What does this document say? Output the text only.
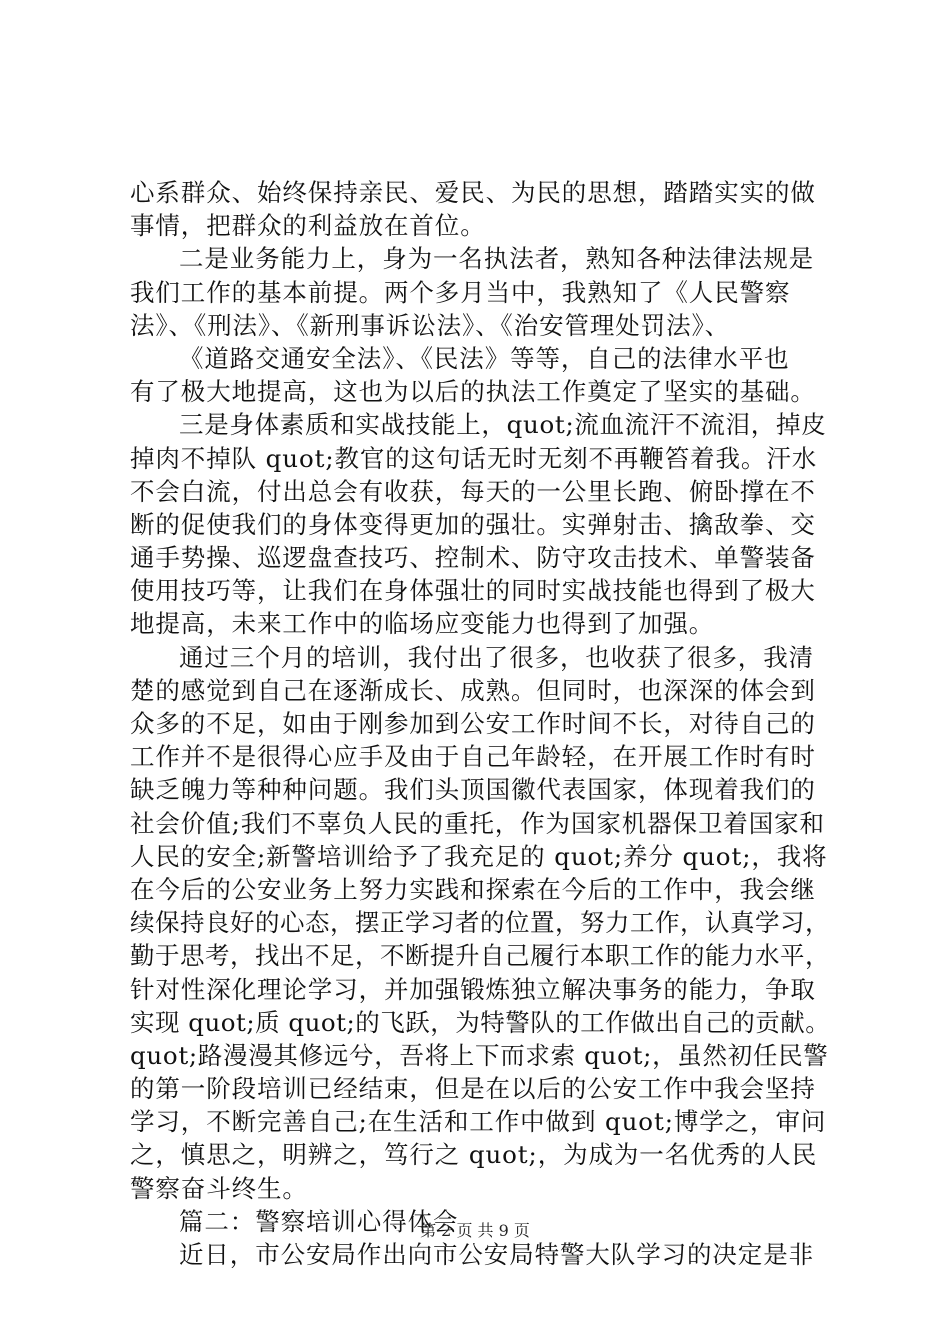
心系群众、始终保持亲民、爱民、为民的思想，踏踏实实的做
事情，把群众的利益放在首位。
二是业务能力上，身为一名执法者，熟知各种法律法规是
我们工作的基本前提。两个多月当中，我熟知了《人民警察
法》、《刑法》、《新刑事诉讼法》、《治安管理处罚法》、
《道路交通安全法》、《民法》等等，自己的法律水平也
有了极大地提高，这也为以后的执法工作奠定了坚实的基础。
三是身体素质和实战技能上，quot;流血流汗不流泪，掉皮
掉肉不掉队 quot;教官的这句话无时无刻不再鞭笞着我。汗水
不会白流，付出总会有收获，每天的一公里长跑、俯卧撑在不
断的促使我们的身体变得更加的强壮。实弹射击、擒敌拳、交
通手势操、巡逻盘查技巧、控制术、防守攻击技术、单警装备
使用技巧等，让我们在身体强壮的同时实战技能也得到了极大
地提高，未来工作中的临场应变能力也得到了加强。
通过三个月的培训，我付出了很多，也收获了很多，我清
楚的感觉到自己在逐渐成长、成熟。但同时，也深深的体会到
众多的不足，如由于刚参加到公安工作时间不长，对待自己的
工作并不是很得心应手及由于自己年龄轻，在开展工作时有时
缺乏魄力等种种问题。我们头顶国徽代表国家，体现着我们的
社会价值;我们不辜负人民的重托，作为国家机器保卫着国家和
人民的安全;新警培训给予了我充足的 quot;养分 quot;，我将
在今后的公安业务上努力实践和探索在今后的工作中，我会继
续保持良好的心态，摆正学习者的位置，努力工作，认真学习，
勤于思考，找出不足，不断提升自己履行本职工作的能力水平，
针对性深化理论学习，并加强锻炼独立解决事务的能力，争取
实现 quot;质 quot;的飞跃，为特警队的工作做出自己的贡献。
quot;路漫漫其修远兮，吾将上下而求索 quot;，虽然初任民警
的第一阶段培训已经结束，但是在以后的公安工作中我会坚持
学习，不断完善自己;在生活和工作中做到 quot;博学之，审问
之，慎思之，明辨之，笃行之 quot;，为成为一名优秀的人民
警察奋斗终生。
篇二：警察培训心得体会
近日，市公安局作出向市公安局特警大队学习的决定是非
第 2 页 共 9 页
